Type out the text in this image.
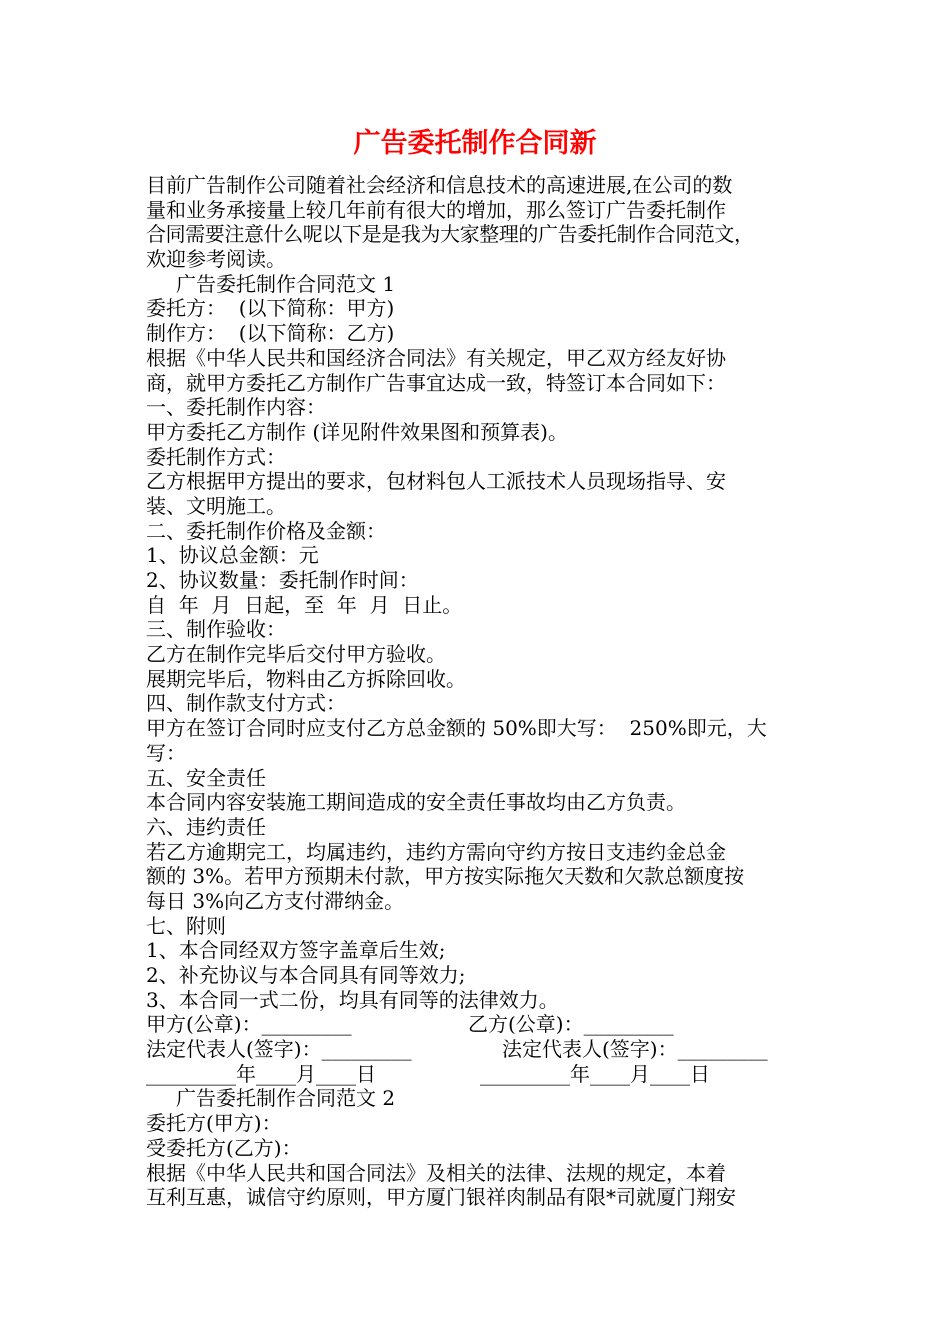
广告委托制作合同新
目前广告制作公司随着社会经济和信息技术的高速进展,在公司的数
量和业务承接量上较几年前有很大的增加，那么签订广告委托制作
合同需要注意什么呢以下是是我为大家整理的广告委托制作合同范文，
欢迎参考阅读。
广告委托制作合同范文 1
委托方：  (以下简称：甲方)
制作方：  (以下简称：乙方)
根据《中华人民共和国经济合同法》有关规定，甲乙双方经友好协
商，就甲方委托乙方制作广告事宜达成一致，特签订本合同如下：
一、委托制作内容：
甲方委托乙方制作 (详见附件效果图和预算表)。
委托制作方式：
乙方根据甲方提出的要求，包材料包人工派技术人员现场指导、安
装、文明施工。
二、委托制作价格及金额：
1、协议总金额：元
2、协议数量：委托制作时间：
自  年  月  日起，至  年  月  日止。
三、制作验收：
乙方在制作完毕后交付甲方验收。
展期完毕后，物料由乙方拆除回收。
四、制作款支付方式：
甲方在签订合同时应支付乙方总金额的 50%即大写：  250%即元，大
写：
五、安全责任
本合同内容安装施工期间造成的安全责任事故均由乙方负责。
六、违约责任
若乙方逾期完工，均属违约，违约方需向守约方按日支违约金总金
额的 3%。若甲方预期未付款，甲方按实际拖欠天数和欠款总额度按
每日 3%向乙方支付滞纳金。
七、附则
1、本合同经双方签字盖章后生效;
2、补充协议与本合同具有同等效力;
3、本合同一式二份，均具有同等的法律效力。

甲方(公章)：_________

	乙方(公章)：_________

法定代表人(签字)：_________

	法定代表人(签字)：_________

_________年____月____日

	_________年____月____日

广告委托制作合同范文 2
委托方(甲方)：
受委托方(乙方)：
根据《中华人民共和国合同法》及相关的法律、法规的规定，本着
互利互惠，诚信守约原则，甲方厦门银祥肉制品有限*司就厦门翔安
